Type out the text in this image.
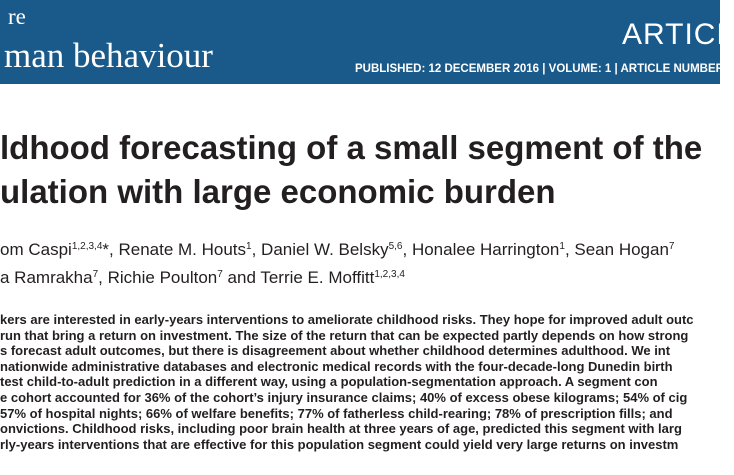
re
man behaviour
ARTICL
PUBLISHED: 12 DECEMBER 2016 | VOLUME: 1 | ARTICLE NUMBER
ldhood forecasting of a small segment of the
ulation with large economic burden
om Caspi$^{1,2,3,4}$*, Renate M. Houts$^1$, Daniel W. Belsky$^{5,6}$, Honalee Harrington$^1$, Sean Hogan$^7$
a Ramrakha$^7$, Richie Poulton$^7$ and Terrie E. Moffitt$^{1,2,3,4}$
kers are interested in early-years interventions to ameliorate childhood risks. They hope for improved adult outc
run that bring a return on investment. The size of the return that can be expected partly depends on how strong
s forecast adult outcomes, but there is disagreement about whether childhood determines adulthood. We int
nationwide administrative databases and electronic medical records with the four-decade-long Dunedin birth
test child-to-adult prediction in a different way, using a population-segmentation approach. A segment con
e cohort accounted for 36% of the cohort’s injury insurance claims; 40% of excess obese kilograms; 54% of cig
57% of hospital nights; 66% of welfare benefits; 77% of fatherless child-rearing; 78% of prescription fills; and
onvictions. Childhood risks, including poor brain health at three years of age, predicted this segment with larg
rly-years interventions that are effective for this population segment could yield very large returns on investm
